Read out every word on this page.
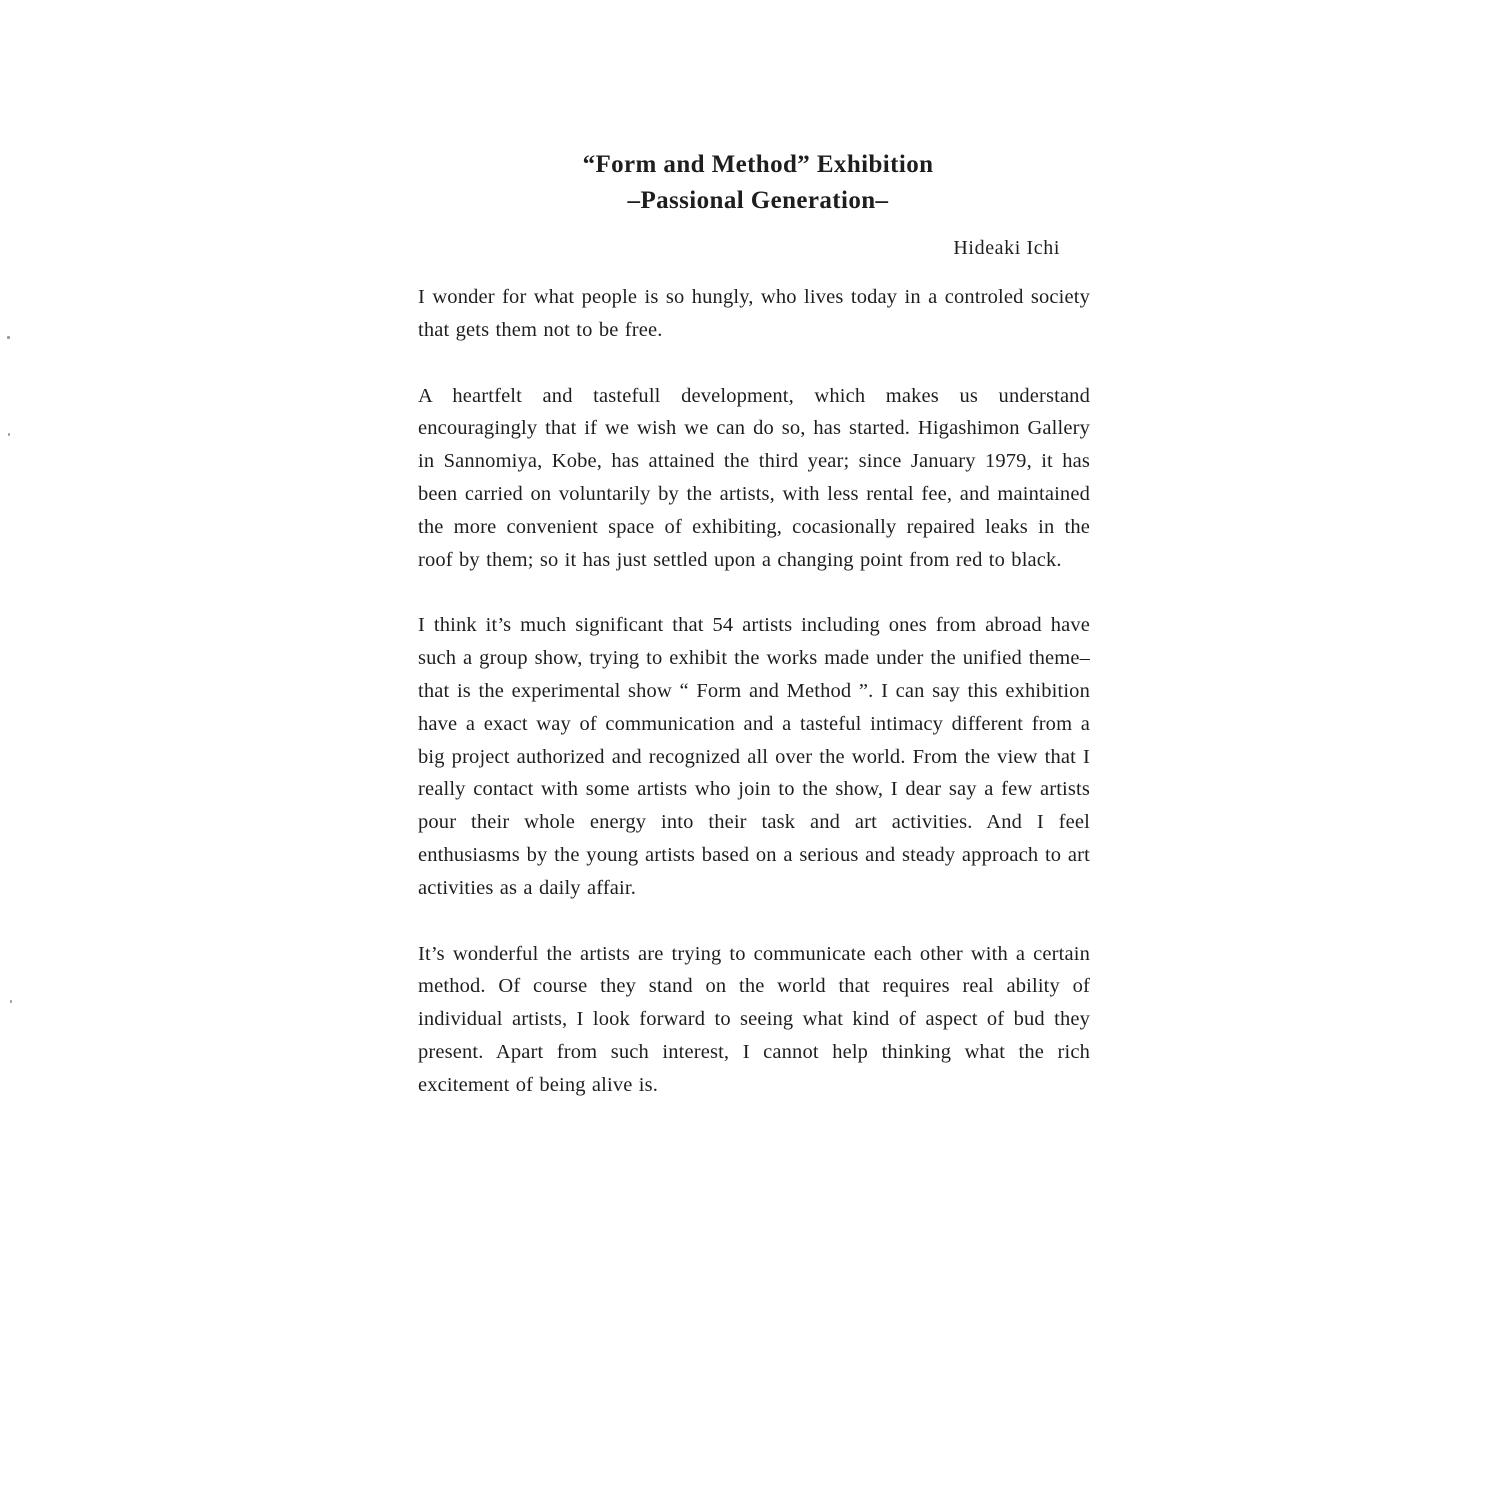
“Form and Method” Exhibition
–Passional Generation–
Hideaki Ichi

I wonder for what people is so hungly, who lives today in a controled society that gets them not to be free.

A heartfelt and tastefull development, which makes us understand encouragingly that if we wish we can do so, has started. Higashimon Gallery in Sannomiya, Kobe, has attained the third year; since January 1979, it has been carried on voluntarily by the artists, with less rental fee, and maintained the more convenient space of exhibiting, cocasionally repaired leaks in the roof by them; so it has just settled upon a changing point from red to black.

I think it’s much significant that 54 artists including ones from abroad have such a group show, trying to exhibit the works made under the unified theme–that is the experimental show “ Form and Method ”. I can say this exhibition have a exact way of communication and a tasteful intimacy different from a big project authorized and recognized all over the world. From the view that I really contact with some artists who join to the show, I dear say a few artists pour their whole energy into their task and art activities. And I feel enthusiasms by the young artists based on a serious and steady approach to art activities as a daily affair.

It’s wonderful the artists are trying to communicate each other with a certain method. Of course they stand on the world that requires real ability of individual artists, I look forward to seeing what kind of aspect of bud they present. Apart from such interest, I cannot help thinking what the rich excitement of being alive is.
